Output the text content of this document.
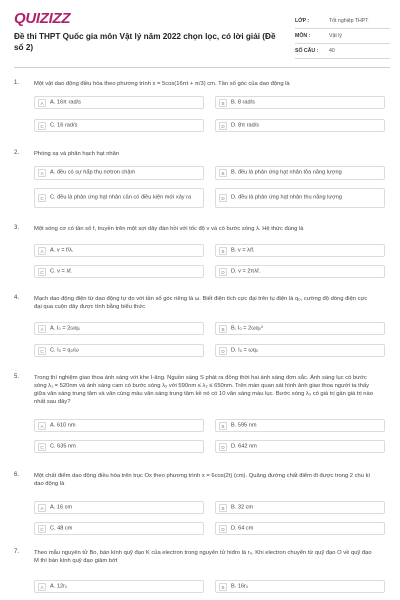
QUIZIZZ
Đề thi THPT Quốc gia môn Vật lý năm 2022 chọn lọc, có lời giải (Đề số 2)
LỚP :	Tốt nghiệp THPT
MÔN :	Vật lý
SỐ CÂU :	40
1.	Một vật dao động điều hòa theo phương trình x = 5cos(16πt + π/3) cm. Tần số góc của dao động là
A	A. 16π rad/s	B	B. 8 rad/s
C	C. 16 rad/s	D	D. 8π rad/s
2.	Phóng xạ và phân hạch hạt nhân
A	A. đều có sự hấp thụ nơtron chậm	B	B. đều là phản ứng hạt nhân tỏa năng lượng
C	C. đều là phản ứng hạt nhân cần có điều kiện mới xảy ra	D	D. đều là phản ứng hạt nhân thu năng lượng
3.	Một sóng cơ có tần số f, truyền trên một sợi dây đàn hồi với tốc độ v và có bước sóng λ. Hệ thức đúng là
A	A. v = f/λ.	B	B. v = λ/f.
C	C. v = λf.	D	D. v = 2πλf.
4.	Mạch dao động điện từ dao động tự do với tần số góc riêng là ω. Biết điện tích cực đại trên tụ điện là q₀, cường độ dòng điện cực đại qua cuộn dây được tính bằng biểu thức
A	A. I₀ = 2ωq₀	B	B. I₀ = 2ωq₀²
C	C. I₀ = q₀/ω	D	D. I₀ = ωq₀
5.	Trong thí nghiệm giao thoa ánh sáng với khe I-âng. Nguồn sáng S phát ra đồng thời hai ánh sáng đơn sắc. Ánh sáng lục có bước sóng λ₁ = 520nm và ánh sáng cam có bước sóng λ₂ với 590nm ≤ λ₂ ≤ 650nm. Trên màn quan sát hình ảnh giao thoa người ta thấy giữa vân sáng trung tâm và vân cùng màu vân sáng trung tâm kề nó có 10 vân sáng màu lục. Bước sóng λ₂ có giá trị gần giá trị nào nhất sau đây?
A	A. 610 nm	B	B. 595 nm
C	C. 635 nm	D	D. 642 nm
6.	Một chất điểm dao động điều hòa trên trục Ox theo phương trình x = 6cos(2t) (cm). Quãng đường chất điểm đi được trong 2 chu kì dao động là
A	A. 16 cm	B	B. 32 cm
C	C. 48 cm	D	D. 64 cm
7.	Theo mẫu nguyên tử Bo, bán kính quỹ đạo K của electron trong nguyên tử hiđro là r₀. Khi electron chuyển từ quỹ đạo O về quỹ đạo M thì bán kính quỹ đạo giảm bớt
A	A. 12r₀	B	B. 16r₀
